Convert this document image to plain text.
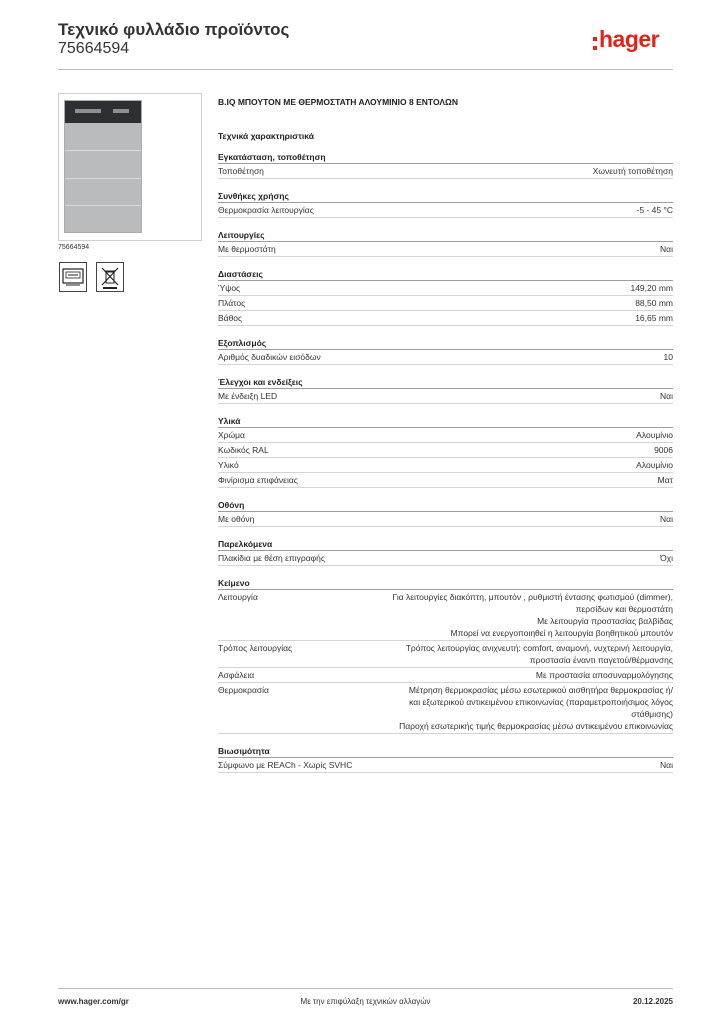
Τεχνικό φυλλάδιο προϊόντος
75664594	hager
75664594
B.IQ ΜΠΟΥΤΟΝ ΜΕ ΘΕΡΜΟΣΤΑΤΗ ΑΛΟΥΜΙΝΙΟ 8 ΕΝΤΟΛΩΝ
Τεχνικά χαρακτηριστικά
Εγκατάσταση, τοποθέτηση
Τοποθέτηση	Χωνευτή τοποθέτηση
Συνθήκες χρήσης
Θερμοκρασία λειτουργίας	-5 - 45 °C
Λειτουργίες
Με θερμοστάτη	Ναι
Διαστάσεις
Ύψος	149,20 mm
Πλάτος	88,50 mm
Βάθος	16,65 mm
Εξοπλισμός
Αριθμός δυαδικών εισόδων	10
Έλεγχοι και ενδείξεις
Με ένδειξη LED	Ναι
Υλικά
Χρώμα	Αλουμίνιο
Κωδικός RAL	9006
Υλικό	Αλουμίνιο
Φινίρισμα επιφάνειας	Ματ
Οθόνη
Με οθόνη	Ναι
Παρελκόμενα
Πλακίδια με θέση επιγραφής	Όχι
Κείμενο
Λειτουργία	Για λειτουργίες διακόπτη, μπουτόν , ρυθμιστή έντασης φωτισμού (dimmer),
περσίδων και θερμοστάτη
Με λειτουργία προστασίας βαλβίδας
Μπορεί να ενεργοποιηθεί η λειτουργία βοηθητικού μπουτόν
Τρόπος λειτουργίας	Τρόπος λειτουργίας ανιχνευτή: comfort, αναμονή, νυχτερινή λειτουργία,
προστασία έναντι παγετού/θέρμανσης
Ασφάλεια	Με προστασία αποσυναρμολόγησης
Θερμοκρασία	Μέτρηση θερμοκρασίας μέσω εσωτερικού αισθητήρα θερμοκρασίας ή/
και εξωτερικού αντικειμένου επικοινωνίας (παραμετροποιήσιμος λόγος
στάθμισης)
Παροχή εσωτερικής τιμής θερμοκρασίας μέσω αντικειμένου επικοινωνίας
Βιωσιμότητα
Σύμφωνο με REACh - Χωρίς SVHC	Ναι
www.hager.com/gr	Με την επιφύλαξη τεχνικών αλλαγών	20.12.2025
